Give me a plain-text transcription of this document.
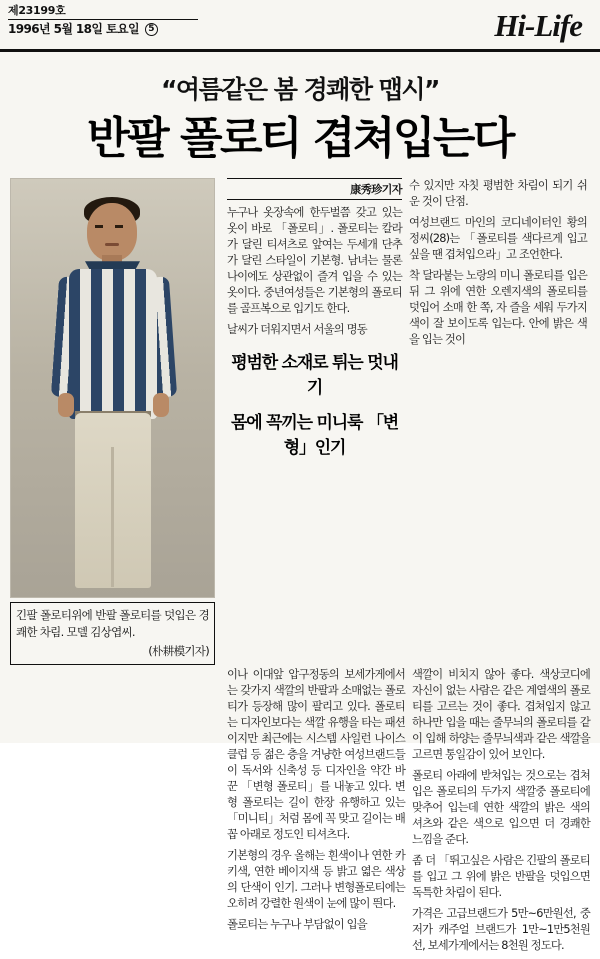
제23199호
1996년 5월 18일 토요일	5	Hi-Life
“여름같은 봄 경쾌한 맵시”
반팔 폴로티 겹쳐입는다
긴팔 폴로티위에 반팔 폴로티를 덧입은 경쾌한 차림. 모델 김상엽씨.
(朴耕模기자)
康秀珍기자

누구나 옷장속에 한두벌쯤 갖고 있는 옷이 바로 「폴로티」. 폴로티는 칼라가 달린 티셔츠로 앞여는 두세개 단추가 달린 스타일이 기본형. 남녀는 물론 나이에도 상관없이 즐겨 입을 수 있는 옷이다. 중년여성들은 기본형의 폴로티를 골프복으로 입기도 한다.

날씨가 더워지면서 서울의 명동

평범한 소재로 튀는 멋내기
몸에 꼭끼는 미니룩 「변형」인기

수 있지만 자칫 평범한 차림이 되기 쉬운 것이 단점.

여성브랜드 마인의 코디네이터인 황의정씨(28)는 「폴로티를 색다르게 입고 싶을 땐 겹쳐입으라」고 조언한다.

착 달라붙는 노랑의 미니 폴로티를 입은 뒤 그 위에 연한 오렌지색의 폴로티를 덧입어 소매 한 쪽, 자 즐을 세워 두가지 색이 잘 보이도록 입는다. 안에 밝은 색을 입는 것이

이나 이대앞 압구정동의 보세가게에서는 갖가지 색깔의 반팔과 소매없는 폴로티가 등장해 많이 팔리고 있다. 폴로티는 디자인보다는 색깔 유행을 타는 패션이지만 최근에는 시스템 사일런 나이스클럽 등 젊은 층을 겨냥한 여성브랜드들이 독서와 신축성 등 디자인을 약간 바꾼 「변형 폴로티」를 내놓고 있다. 변형 폴로티는 길이 한장 유행하고 있는 「미니티」처럼 몸에 꼭 맞고 길이는 배꼽 아래로 정도인 티셔츠다.

기본형의 경우 올해는 흰색이나 연한 카키색, 연한 베이지색 등 밝고 엷은 색상의 단색이 인기. 그러나 변형폴로티에는 오히려 강렬한 원색이 눈에 많이 띈다.

폴로티는 누구나 부담없이 입을

색깔이 비치지 않아 좋다. 색상코디에 자신이 없는 사람은 같은 계열색의 폴로티를 고르는 것이 좋다. 겹쳐입지 않고 하나만 입을 때는 줄무늬의 폴로티를 같이 입해 하양는 줄무늬색과 같은 색깔을 고르면 통일감이 있어 보인다.

폴로티 아래에 받쳐입는 것으로는 겹쳐입은 폴로티의 두가지 색깔중 폴로티에 맞추어 입는데 연한 색깔의 밝은 색의 셔츠와 같은 색으로 입으면 더 경쾌한 느낌을 준다.

좀 더 「뛰고싶은 사람은 긴팔의 폴로티를 입고 그 위에 밝은 반팔을 덧입으면 독특한 차림이 된다.

가격은 고급브랜드가 5만~6만원선, 중저가 캐주얼 브랜드가 1만~1만5천원선, 보세가게에서는 8천원 정도다.
